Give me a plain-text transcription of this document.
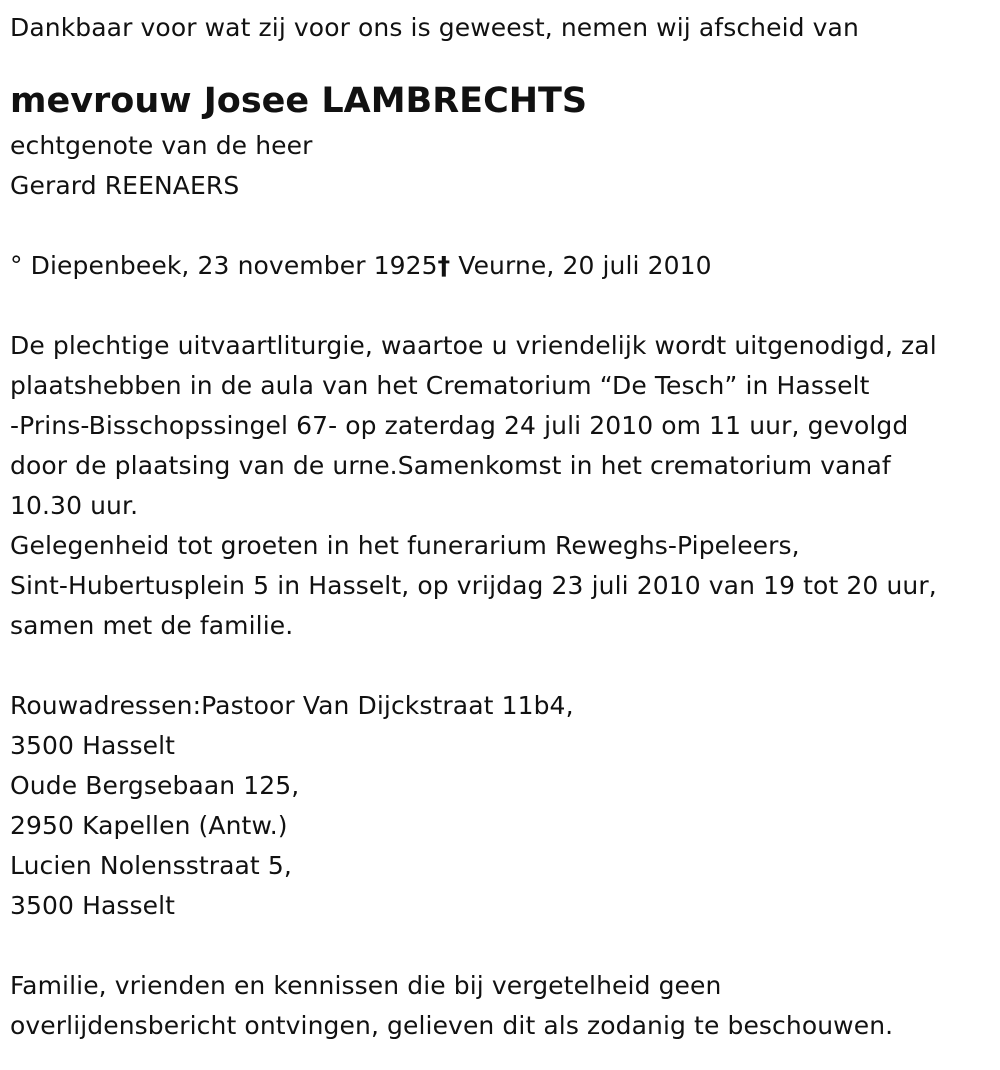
Dankbaar voor wat zij voor ons is geweest, nemen wij afscheid van
mevrouw Josee LAMBRECHTS
echtgenote van de heer
Gerard REENAERS
° Diepenbeek, 23 november 1925† Veurne, 20 juli 2010
De plechtige uitvaartliturgie, waartoe u vriendelijk wordt uitgenodigd, zal
plaatshebben in de aula van het Crematorium “De Tesch” in Hasselt
-Prins-Bisschopssingel 67- op zaterdag 24 juli 2010 om 11 uur, gevolgd
door de plaatsing van de urne.Samenkomst in het crematorium vanaf
10.30 uur.
Gelegenheid tot groeten in het funerarium Reweghs-Pipeleers,
Sint-Hubertusplein 5 in Hasselt, op vrijdag 23 juli 2010 van 19 tot 20 uur,
samen met de familie.
Rouwadressen:Pastoor Van Dijckstraat 11b4,
3500 Hasselt
Oude Bergsebaan 125,
2950 Kapellen (Antw.)
Lucien Nolensstraat 5,
3500 Hasselt
Familie, vrienden en kennissen die bij vergetelheid geen
overlijdensbericht ontvingen, gelieven dit als zodanig te beschouwen.
